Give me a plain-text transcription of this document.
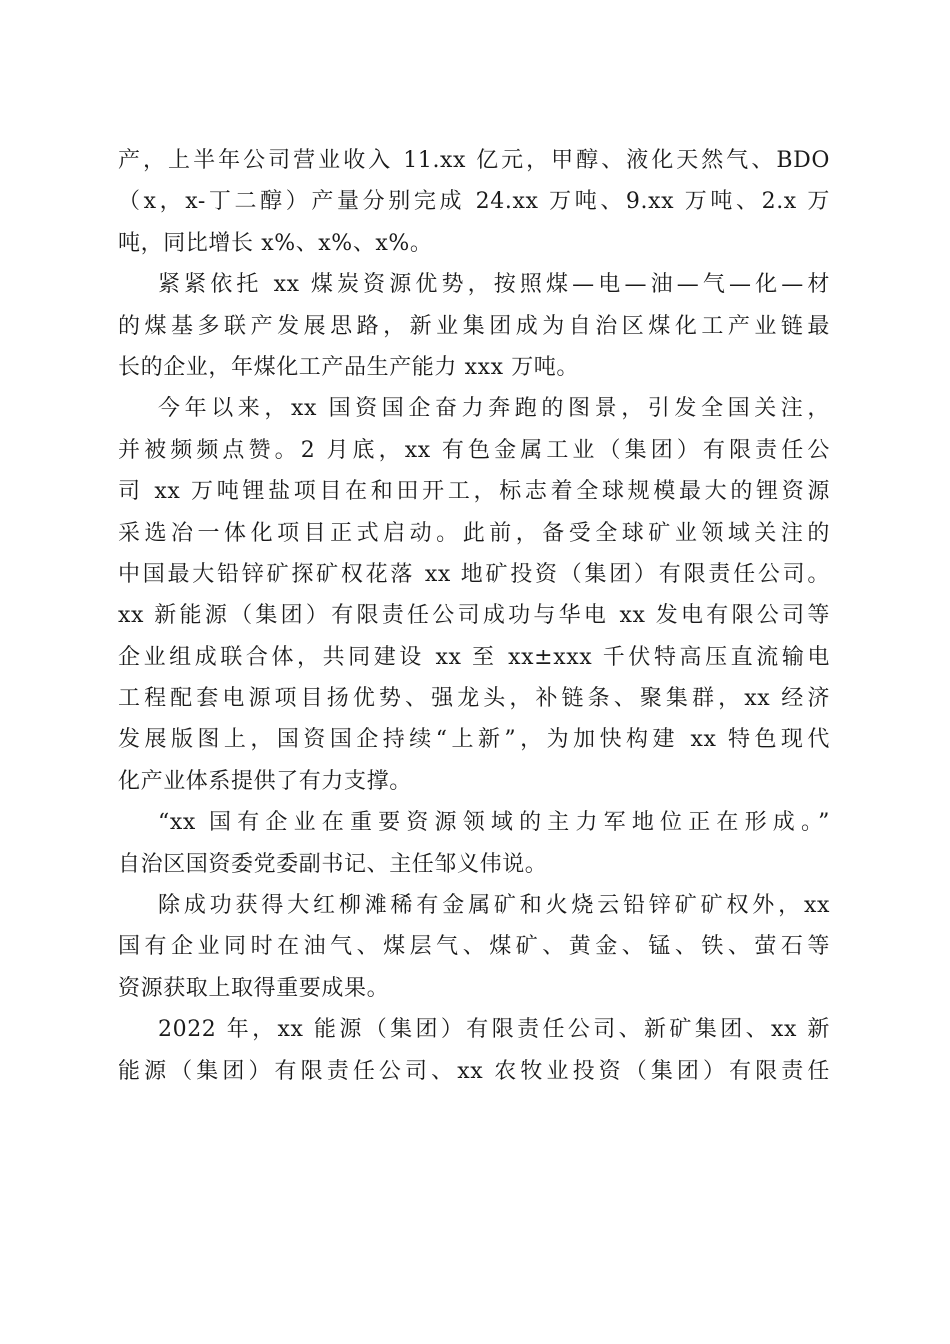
产，上半年公司营业收入 11.xx 亿元，甲醇、液化天然气、BDO
（x，x-丁二醇）产量分别完成 24.xx 万吨、9.xx 万吨、2.x 万
吨，同比增长 x%、x%、x%。
紧紧依托 xx 煤炭资源优势，按照煤—电—油—气—化—材
的煤基多联产发展思路，新业集团成为自治区煤化工产业链最
长的企业，年煤化工产品生产能力 xxx 万吨。
今年以来，xx 国资国企奋力奔跑的图景，引发全国关注，
并被频频点赞。2 月底，xx 有色金属工业（集团）有限责任公
司 xx 万吨锂盐项目在和田开工，标志着全球规模最大的锂资源
采选冶一体化项目正式启动。此前，备受全球矿业领域关注的
中国最大铅锌矿探矿权花落 xx 地矿投资（集团）有限责任公司。
xx 新能源（集团）有限责任公司成功与华电 xx 发电有限公司等
企业组成联合体，共同建设 xx 至 xx±xxx 千伏特高压直流输电
工程配套电源项目扬优势、强龙头，补链条、聚集群，xx 经济
发展版图上，国资国企持续“上新”，为加快构建 xx 特色现代
化产业体系提供了有力支撑。
“xx 国有企业在重要资源领域的主力军地位正在形成。”
自治区国资委党委副书记、主任邹义伟说。
除成功获得大红柳滩稀有金属矿和火烧云铅锌矿矿权外，xx
国有企业同时在油气、煤层气、煤矿、黄金、锰、铁、萤石等
资源获取上取得重要成果。
2022 年，xx 能源（集团）有限责任公司、新矿集团、xx 新
能源（集团）有限责任公司、xx 农牧业投资（集团）有限责任
